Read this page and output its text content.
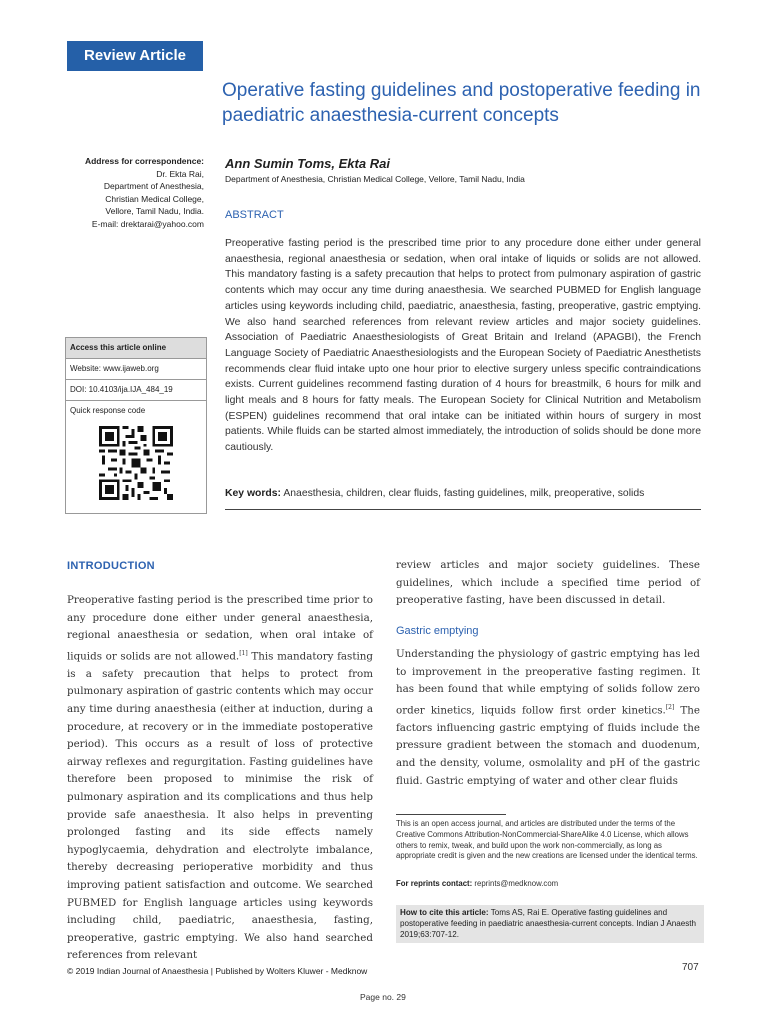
Review Article
Operative fasting guidelines and postoperative feeding in paediatric anaesthesia-current concepts
Address for correspondence:
Dr. Ekta Rai,
Department of Anesthesia,
Christian Medical College,
Vellore, Tamil Nadu, India.
E-mail: drektarai@yahoo.com
Access this article online
Website: www.ijaweb.org
DOI: 10.4103/ija.IJA_484_19
Quick response code
Ann Sumin Toms, Ekta Rai
Department of Anesthesia, Christian Medical College, Vellore, Tamil Nadu, India
ABSTRACT
Preoperative fasting period is the prescribed time prior to any procedure done either under general anaesthesia, regional anaesthesia or sedation, when oral intake of liquids or solids are not allowed. This mandatory fasting is a safety precaution that helps to protect from pulmonary aspiration of gastric contents which may occur any time during anaesthesia. We searched PUBMED for English language articles using keywords including child, paediatric, anaesthesia, fasting, preoperative, gastric emptying. We also hand searched references from relevant review articles and major society guidelines. Association of Paediatric Anaesthesiologists of Great Britain and Ireland (APAGBI), the French Language Society of Paediatric Anaesthesiologists and the European Society of Paediatric Anesthetists recommends clear fluid intake upto one hour prior to elective surgery unless specific contraindications exists. Current guidelines recommend fasting duration of 4 hours for breastmilk, 6 hours for milk and light meals and 8 hours for fatty meals. The European Society for Clinical Nutrition and Metabolism (ESPEN) guidelines recommend that oral intake can be initiated within hours of surgery in most patients. While fluids can be started almost immediately, the introduction of solids should be done more cautiously.
Key words: Anaesthesia, children, clear fluids, fasting guidelines, milk, preoperative, solids
INTRODUCTION
Preoperative fasting period is the prescribed time prior to any procedure done either under general anaesthesia, regional anaesthesia or sedation, when oral intake of liquids or solids are not allowed.[1] This mandatory fasting is a safety precaution that helps to protect from pulmonary aspiration of gastric contents which may occur any time during anaesthesia (either at induction, during a procedure, at recovery or in the immediate postoperative period). This occurs as a result of loss of protective airway reflexes and regurgitation. Fasting guidelines have therefore been proposed to minimise the risk of pulmonary aspiration and its complications and thus help provide safe anaesthesia. It also helps in preventing prolonged fasting and its side effects namely hypoglycaemia, dehydration and electrolyte imbalance, thereby decreasing perioperative morbidity and thus improving patient satisfaction and outcome. We searched PUBMED for English language articles using keywords including child, paediatric, anaesthesia, fasting, preoperative, gastric emptying. We also hand searched references from relevant
review articles and major society guidelines. These guidelines, which include a specified time period of preoperative fasting, have been discussed in detail.
Gastric emptying
Understanding the physiology of gastric emptying has led to improvement in the preoperative fasting regimen. It has been found that while emptying of solids follow zero order kinetics, liquids follow first order kinetics.[2] The factors influencing gastric emptying of fluids include the pressure gradient between the stomach and duodenum, and the density, volume, osmolality and pH of the gastric fluid. Gastric emptying of water and other clear fluids
This is an open access journal, and articles are distributed under the terms of the Creative Commons Attribution-NonCommercial-ShareAlike 4.0 License, which allows others to remix, tweak, and build upon the work non-commercially, as long as appropriate credit is given and the new creations are licensed under the identical terms.
For reprints contact: reprints@medknow.com
How to cite this article: Toms AS, Rai E. Operative fasting guidelines and postoperative feeding in paediatric anaesthesia-current concepts. Indian J Anaesth 2019;63:707-12.
© 2019 Indian Journal of Anaesthesia | Published by Wolters Kluwer - Medknow	707
Page no. 29
